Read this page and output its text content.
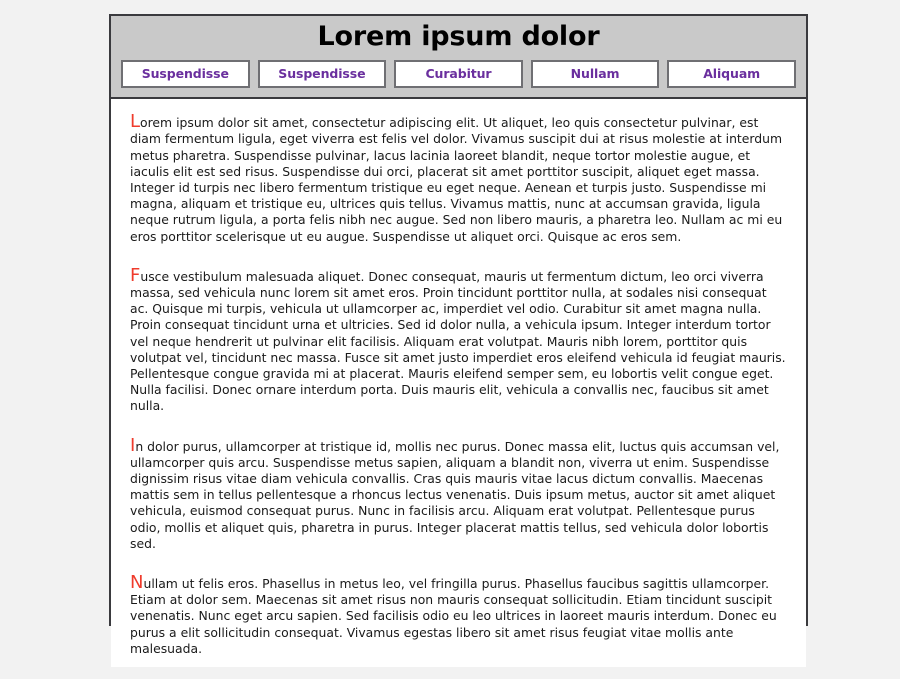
Lorem ipsum dolor
Suspendisse	Suspendisse	Curabitur	Nullam	Aliquam

Lorem ipsum dolor sit amet, consectetur adipiscing elit. Ut aliquet, leo quis consectetur pulvinar, est diam fermentum ligula, eget viverra est felis vel dolor. Vivamus suscipit dui at risus molestie at interdum metus pharetra. Suspendisse pulvinar, lacus lacinia laoreet blandit, neque tortor molestie augue, et iaculis elit est sed risus. Suspendisse dui orci, placerat sit amet porttitor suscipit, aliquet eget massa. Integer id turpis nec libero fermentum tristique eu eget neque. Aenean et turpis justo. Suspendisse mi magna, aliquam et tristique eu, ultrices quis tellus. Vivamus mattis, nunc at accumsan gravida, ligula neque rutrum ligula, a porta felis nibh nec augue. Sed non libero mauris, a pharetra leo. Nullam ac mi eu eros porttitor scelerisque ut eu augue. Suspendisse ut aliquet orci. Quisque ac eros sem.

Fusce vestibulum malesuada aliquet. Donec consequat, mauris ut fermentum dictum, leo orci viverra massa, sed vehicula nunc lorem sit amet eros. Proin tincidunt porttitor nulla, at sodales nisi consequat ac. Quisque mi turpis, vehicula ut ullamcorper ac, imperdiet vel odio. Curabitur sit amet magna nulla. Proin consequat tincidunt urna et ultricies. Sed id dolor nulla, a vehicula ipsum. Integer interdum tortor vel neque hendrerit ut pulvinar elit facilisis. Aliquam erat volutpat. Mauris nibh lorem, porttitor quis volutpat vel, tincidunt nec massa. Fusce sit amet justo imperdiet eros eleifend vehicula id feugiat mauris. Pellentesque congue gravida mi at placerat. Mauris eleifend semper sem, eu lobortis velit congue eget. Nulla facilisi. Donec ornare interdum porta. Duis mauris elit, vehicula a convallis nec, faucibus sit amet nulla.

In dolor purus, ullamcorper at tristique id, mollis nec purus. Donec massa elit, luctus quis accumsan vel, ullamcorper quis arcu. Suspendisse metus sapien, aliquam a blandit non, viverra ut enim. Suspendisse dignissim risus vitae diam vehicula convallis. Cras quis mauris vitae lacus dictum convallis. Maecenas mattis sem in tellus pellentesque a rhoncus lectus venenatis. Duis ipsum metus, auctor sit amet aliquet vehicula, euismod consequat purus. Nunc in facilisis arcu. Aliquam erat volutpat. Pellentesque purus odio, mollis et aliquet quis, pharetra in purus. Integer placerat mattis tellus, sed vehicula dolor lobortis sed.

Nullam ut felis eros. Phasellus in metus leo, vel fringilla purus. Phasellus faucibus sagittis ullamcorper. Etiam at dolor sem. Maecenas sit amet risus non mauris consequat sollicitudin. Etiam tincidunt suscipit venenatis. Nunc eget arcu sapien. Sed facilisis odio eu leo ultrices in laoreet mauris interdum. Donec eu purus a elit sollicitudin consequat. Vivamus egestas libero sit amet risus feugiat vitae mollis ante malesuada.
